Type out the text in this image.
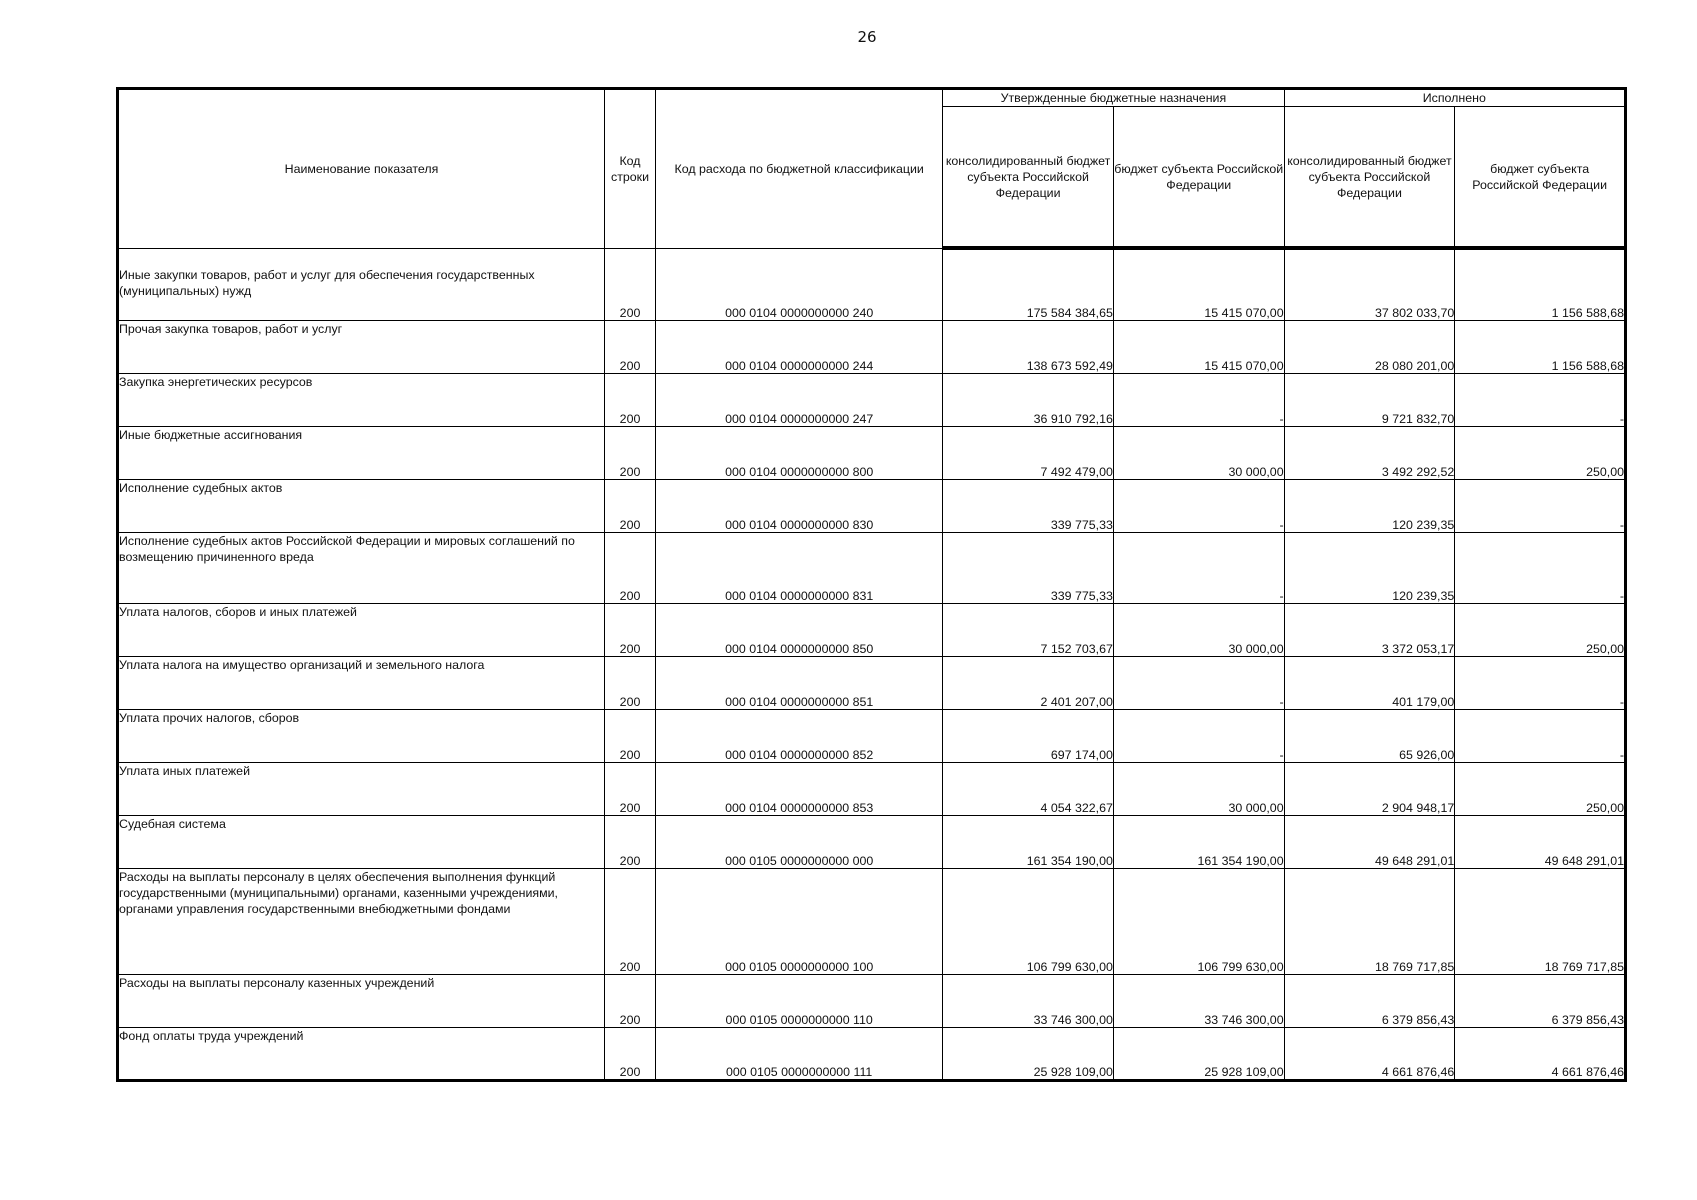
26
Наименование показателя	Код строки	Код расхода по бюджетной классификации	Утвержденные бюджетные назначения		Исполнено	
			консолидированный бюджет субъекта Российской Федерации	бюджет субъекта Российской Федерации	консолидированный бюджет субъекта Российской Федерации	бюджет субъекта Российской Федерации
Иные закупки товаров, работ и услуг для обеспечения государственных (муниципальных) нужд	200	000 0104 0000000000 240	175 584 384,65	15 415 070,00	37 802 033,70	1 156 588,68
Прочая закупка товаров, работ и услуг	200	000 0104 0000000000 244	138 673 592,49	15 415 070,00	28 080 201,00	1 156 588,68
Закупка энергетических ресурсов	200	000 0104 0000000000 247	36 910 792,16	-	9 721 832,70	-
Иные бюджетные ассигнования	200	000 0104 0000000000 800	7 492 479,00	30 000,00	3 492 292,52	250,00
Исполнение судебных актов	200	000 0104 0000000000 830	339 775,33	-	120 239,35	-
Исполнение судебных актов Российской Федерации и мировых соглашений по возмещению причиненного вреда	200	000 0104 0000000000 831	339 775,33	-	120 239,35	-
Уплата налогов, сборов и иных платежей	200	000 0104 0000000000 850	7 152 703,67	30 000,00	3 372 053,17	250,00
Уплата налога на имущество организаций и земельного налога	200	000 0104 0000000000 851	2 401 207,00	-	401 179,00	-
Уплата прочих налогов, сборов	200	000 0104 0000000000 852	697 174,00	-	65 926,00	-
Уплата иных платежей	200	000 0104 0000000000 853	4 054 322,67	30 000,00	2 904 948,17	250,00
Судебная система	200	000 0105 0000000000 000	161 354 190,00	161 354 190,00	49 648 291,01	49 648 291,01
Расходы на выплаты персоналу в целях обеспечения выполнения функций государственными (муниципальными) органами, казенными учреждениями, органами управления государственными внебюджетными фондами	200	000 0105 0000000000 100	106 799 630,00	106 799 630,00	18 769 717,85	18 769 717,85
Расходы на выплаты персоналу казенных учреждений	200	000 0105 0000000000 110	33 746 300,00	33 746 300,00	6 379 856,43	6 379 856,43
Фонд оплаты труда учреждений	200	000 0105 0000000000 111	25 928 109,00	25 928 109,00	4 661 876,46	4 661 876,46
